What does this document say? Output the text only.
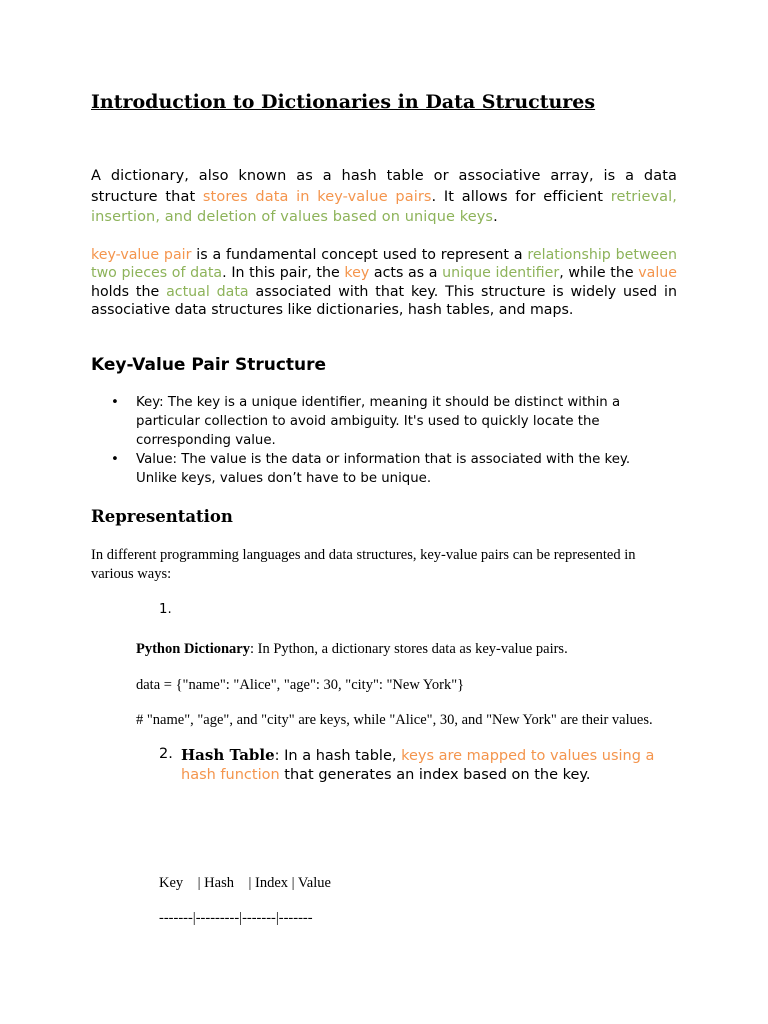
Introduction to Dictionaries in Data Structures

A dictionary, also known as a hash table or associative array, is a data structure that stores data in key-value pairs. It allows for efficient retrieval, insertion, and deletion of values based on unique keys.

key-value pair is a fundamental concept used to represent a relationship between two pieces of data. In this pair, the key acts as a unique identifier, while the value holds the actual data associated with that key. This structure is widely used in associative data structures like dictionaries, hash tables, and maps.

Key-Value Pair Structure
• Key: The key is a unique identifier, meaning it should be distinct within a particular collection to avoid ambiguity. It's used to quickly locate the corresponding value.
• Value: The value is the data or information that is associated with the key. Unlike keys, values don’t have to be unique.
Representation

In different programming languages and data structures, key-value pairs can be represented in various ways:

1.

Python Dictionary: In Python, a dictionary stores data as key-value pairs.

data = {"name": "Alice", "age": 30, "city": "New York"}

# "name", "age", and "city" are keys, while "Alice", 30, and "New York" are their values.

2. Hash Table: In a hash table, keys are mapped to values using a hash function that generates an index based on the key.

Key    | Hash    | Index | Value

-------|---------|-------|-------
